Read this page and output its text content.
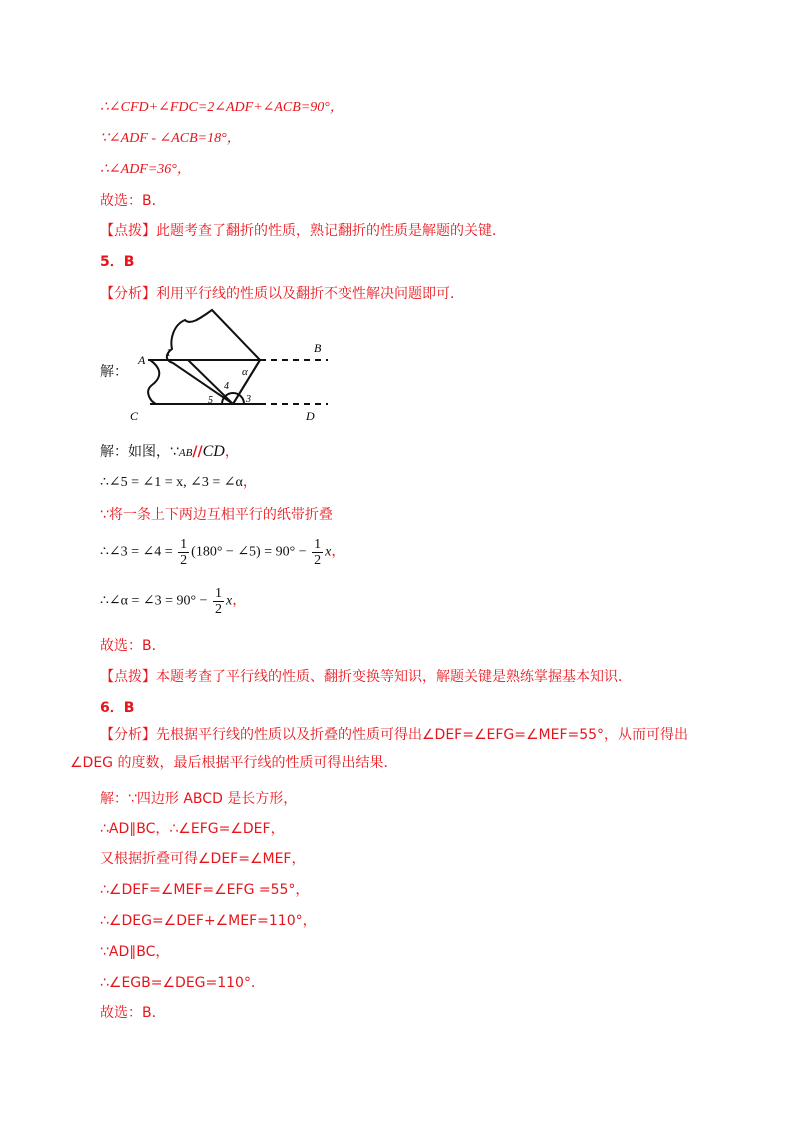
∴∠CFD+∠FDC=2∠ADF+∠ACB=90°，
∵∠ADF - ∠ACB=18°，
∴∠ADF=36°，
故选：B．
【点拨】此题考查了翻折的性质，熟记翻折的性质是解题的关键．
5．B
【分析】利用平行线的性质以及翻折不变性解决问题即可．
解：
A
B
C	D
1
α
4
5	3
解：如图，∵AB//CD，
∴∠5 = ∠1 = x, ∠3 = ∠α，
∵将一条上下两边互相平行的纸带折叠
∴∠3 = ∠4 = $\frac{1}{2} (180^\circ$ − ∠5) = $90^\circ - \frac{1}{2}$ x，
∴∠α = ∠3 = $90^\circ - \frac{1}{2}$ x，
故选：B．
【点拨】本题考查了平行线的性质、翻折变换等知识，解题关键是熟练掌握基本知识．
6．B
【分析】先根据平行线的性质以及折叠的性质可得出∠DEF=∠EFG=∠MEF=55°，从而可得出∠DEG 的度数，最后根据平行线的性质可得出结果．
解：∵四边形 ABCD 是长方形，
∴AD∥BC，∴∠EFG=∠DEF，
又根据折叠可得∠DEF=∠MEF，
∴∠DEF=∠MEF=∠EFG =55°，
∴∠DEG=∠DEF+∠MEF=110°，
∵AD∥BC，
∴∠EGB=∠DEG=110°．
故选：B．
